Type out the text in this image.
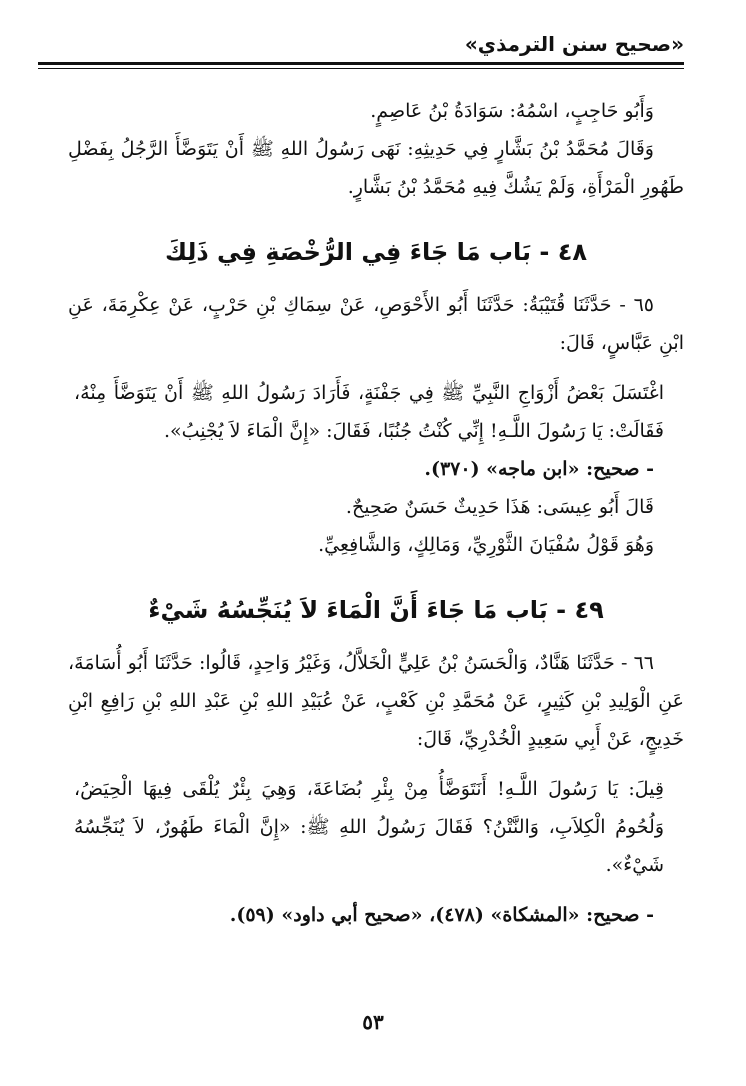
«صحيح سنن الترمذي»

وَأَبُو حَاجِبٍ، اسْمُهُ: سَوَادَةُ بْنُ عَاصِمٍ.

وَقَالَ مُحَمَّدُ بْنُ بَشَّارٍ فِي حَدِيثِهِ: نَهَى رَسُولُ اللهِ ﷺ أَنْ يَتَوَضَّأَ الرَّجُلُ بِفَضْلِ طَهُورِ الْمَرْأَةِ، وَلَمْ يَشُكَّ فِيهِ مُحَمَّدُ بْنُ بَشَّارٍ.

٤٨ - بَاب مَا جَاءَ فِي الرُّخْصَةِ فِي ذَلِكَ

٦٥ - حَدَّثَنَا قُتَيْبَةُ: حَدَّثَنَا أَبُو الأَحْوَصِ، عَنْ سِمَاكِ بْنِ حَرْبٍ، عَنْ عِكْرِمَةَ، عَنِ ابْنِ عَبَّاسٍ، قَالَ:

اغْتَسَلَ بَعْضُ أَزْوَاجِ النَّبِيِّ ﷺ فِي جَفْنَةٍ، فَأَرَادَ رَسُولُ اللهِ ﷺ أَنْ يَتَوَضَّأَ مِنْهُ، فَقَالَتْ: يَا رَسُولَ اللَّـهِ! إِنِّي كُنْتُ جُنُبًا، فَقَالَ: «إِنَّ الْمَاءَ لاَ يُجْنِبُ».

- صحيح: «ابن ماجه» (٣٧٠).

قَالَ أَبُو عِيسَى: هَذَا حَدِيثٌ حَسَنٌ صَحِيحٌ.

وَهُوَ قَوْلُ سُفْيَانَ الثَّوْرِيِّ، وَمَالِكٍ، وَالشَّافِعِيِّ.

٤٩ - بَاب مَا جَاءَ أَنَّ الْمَاءَ لاَ يُنَجِّسُهُ شَيْءٌ

٦٦ - حَدَّثَنَا هَنَّادٌ، وَالْحَسَنُ بْنُ عَلِيٍّ الْخَلاَّلُ، وَغَيْرُ وَاحِدٍ، قَالُوا: حَدَّثَنَا أَبُو أُسَامَةَ، عَنِ الْوَلِيدِ بْنِ كَثِيرٍ، عَنْ مُحَمَّدِ بْنِ كَعْبٍ، عَنْ عُبَيْدِ اللهِ بْنِ عَبْدِ اللهِ بْنِ رَافِعِ ابْنِ خَدِيجٍ، عَنْ أَبِي سَعِيدٍ الْخُدْرِيِّ، قَالَ:

قِيلَ: يَا رَسُولَ اللَّـهِ! أَنَتَوَضَّأُ مِنْ بِئْرِ بُضَاعَةَ، وَهِيَ بِئْرٌ يُلْقَى فِيهَا الْحِيَضُ، وَلُحُومُ الْكِلاَبِ، وَالنَّتْنُ؟ فَقَالَ رَسُولُ اللهِ ﷺ: «إِنَّ الْمَاءَ طَهُورٌ، لاَ يُنَجِّسُهُ شَيْءٌ».

- صحيح: «المشكاة» (٤٧٨)، «صحيح أبي داود» (٥٩).

٥٣
